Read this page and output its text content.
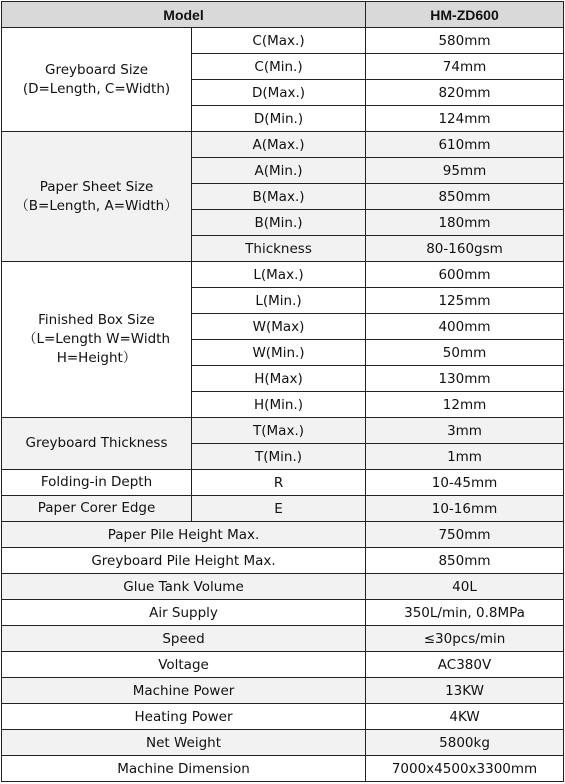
Model		HM-ZD600

Greyboard Size
(D=Length, C=Width)	C(Max.)	580mm
	C(Min.)	74mm
	D(Max.)	820mm
	D(Min.)	124mm

Paper Sheet Size
（B=Length, A=Width）	A(Max.)	610mm
	A(Min.)	95mm
	B(Max.)	850mm
	B(Min.)	180mm
	Thickness	80-160gsm

Finished Box Size
（L=Length W=Width
H=Height）	L(Max.)	600mm
	L(Min.)	125mm
	W(Max)	400mm
	W(Min.)	50mm
	H(Max)	130mm
	H(Min.)	12mm

Greyboard Thickness	T(Max.)	3mm
	T(Min.)	1mm

Folding-in Depth	R	10-45mm

Paper Corer Edge	E	10-16mm
Paper Pile Height Max.		750mm
Greyboard Pile Height Max.		850mm
Glue Tank Volume		40L
Air Supply		350L/min, 0.8MPa
Speed		≤30pcs/min
Voltage		AC380V
Machine Power		13KW
Heating Power		4KW
Net Weight		5800kg
Machine Dimension		7000x4500x3300mm
